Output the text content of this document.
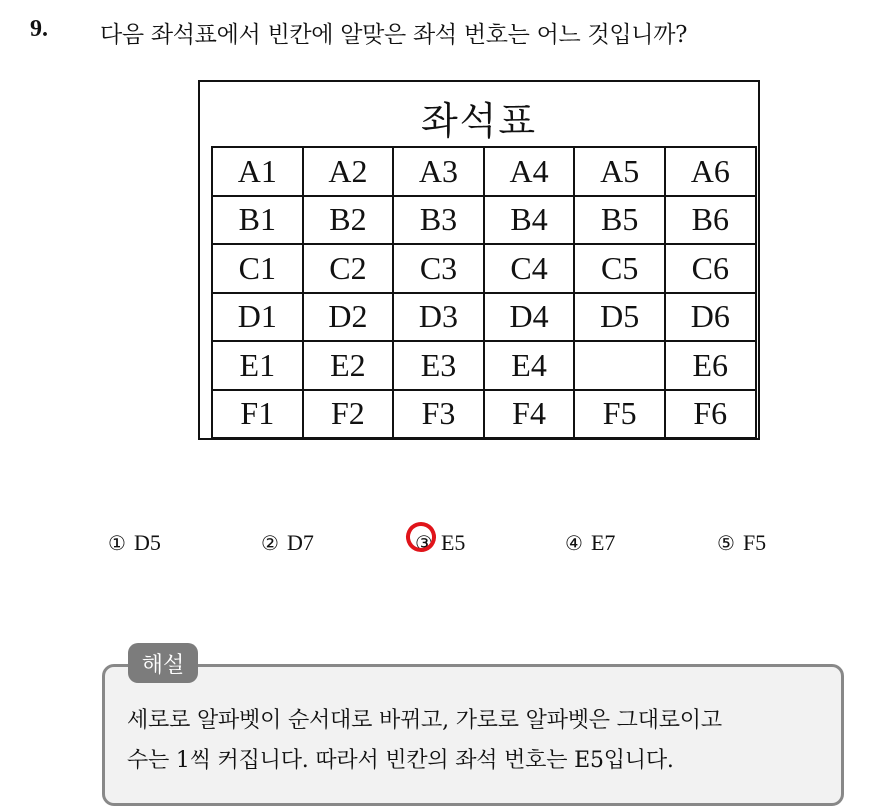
9. 다음 좌석표에서 빈칸에 알맞은 좌석 번호는 어느 것입니까?
좌석표
A1	A2	A3	A4	A5	A6
B1	B2	B3	B4	B5	B6
C1	C2	C3	C4	C5	C6
D1	D2	D3	D4	D5	D6
E1	E2	E3	E4		E6
F1	F2	F3	F4	F5	F6
① D5	② D7	③ E5	④ E7	⑤ F5
해설
세로로 알파벳이 순서대로 바뀌고, 가로로 알파벳은 그대로이고
수는 1씩 커집니다. 따라서 빈칸의 좌석 번호는 E5입니다.
